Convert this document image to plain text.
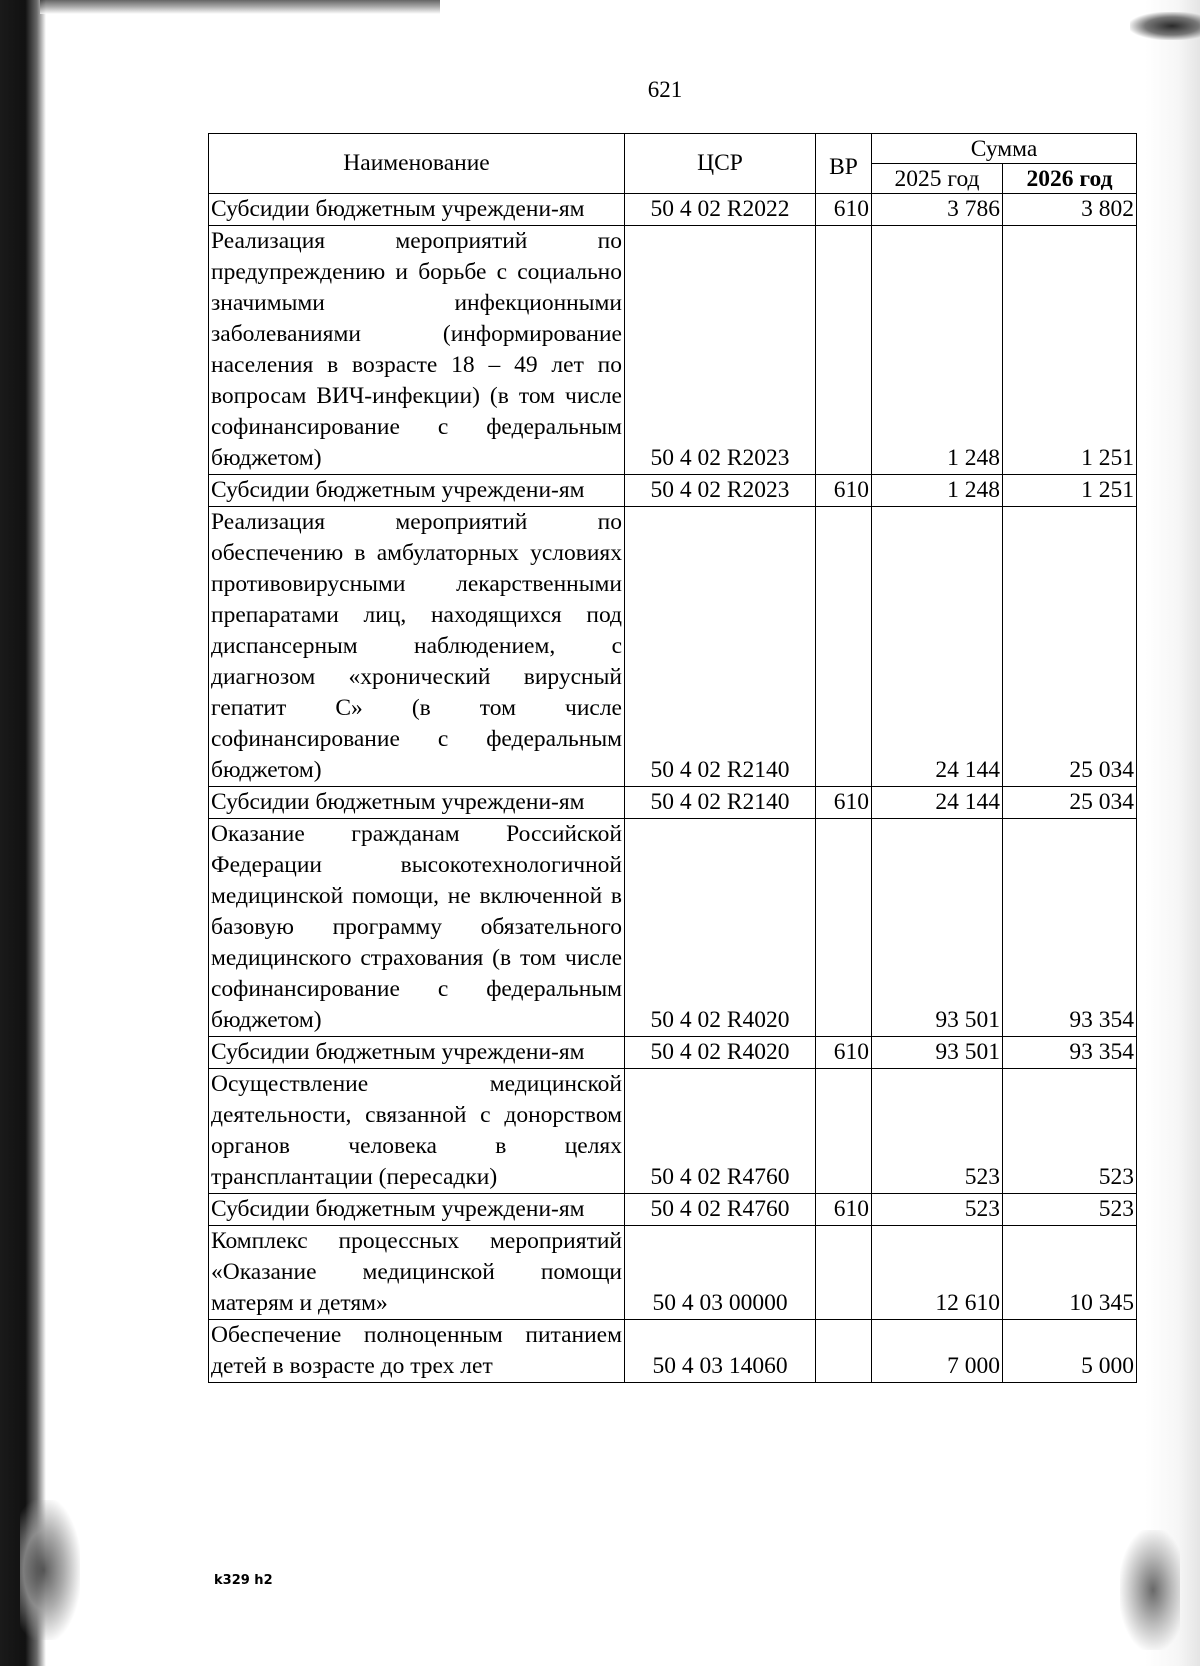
621
Наименование	ЦСР	ВР	Сумма	
			2025 год	2026 год
Субсидии бюджетным учреждени-ям	50 4 02 R2022	610	3 786	3 802
Реализация мероприятий по предупреждению и борьбе с социально значимыми инфекционными заболеваниями (информирование населения в возрасте 18 – 49 лет по вопросам ВИЧ-инфекции) (в том числе софинансирование с федеральным бюджетом)	50 4 02 R2023		1 248	1 251
Субсидии бюджетным учреждени-ям	50 4 02 R2023	610	1 248	1 251
Реализация мероприятий по обеспечению в амбулаторных условиях противовирусными лекарственными препаратами лиц, находящихся под диспансерным наблюдением, с диагнозом «хронический вирусный гепатит С» (в том числе софинансирование с федеральным бюджетом)	50 4 02 R2140		24 144	25 034
Субсидии бюджетным учреждени-ям	50 4 02 R2140	610	24 144	25 034
Оказание гражданам Российской Федерации высокотехнологичной медицинской помощи, не включенной в базовую программу обязательного медицинского страхования (в том числе софинансирование с федеральным бюджетом)	50 4 02 R4020		93 501	93 354
Субсидии бюджетным учреждени-ям	50 4 02 R4020	610	93 501	93 354
Осуществление медицинской деятельности, связанной с донорством органов человека в целях трансплантации (пересадки)	50 4 02 R4760		523	523
Субсидии бюджетным учреждени-ям	50 4 02 R4760	610	523	523
Комплекс процессных мероприятий «Оказание медицинской помощи матерям и детям»	50 4 03 00000		12 610	10 345
Обеспечение полноценным питанием детей в возрасте до трех лет	50 4 03 14060		7 000	5 000
k329 h2
